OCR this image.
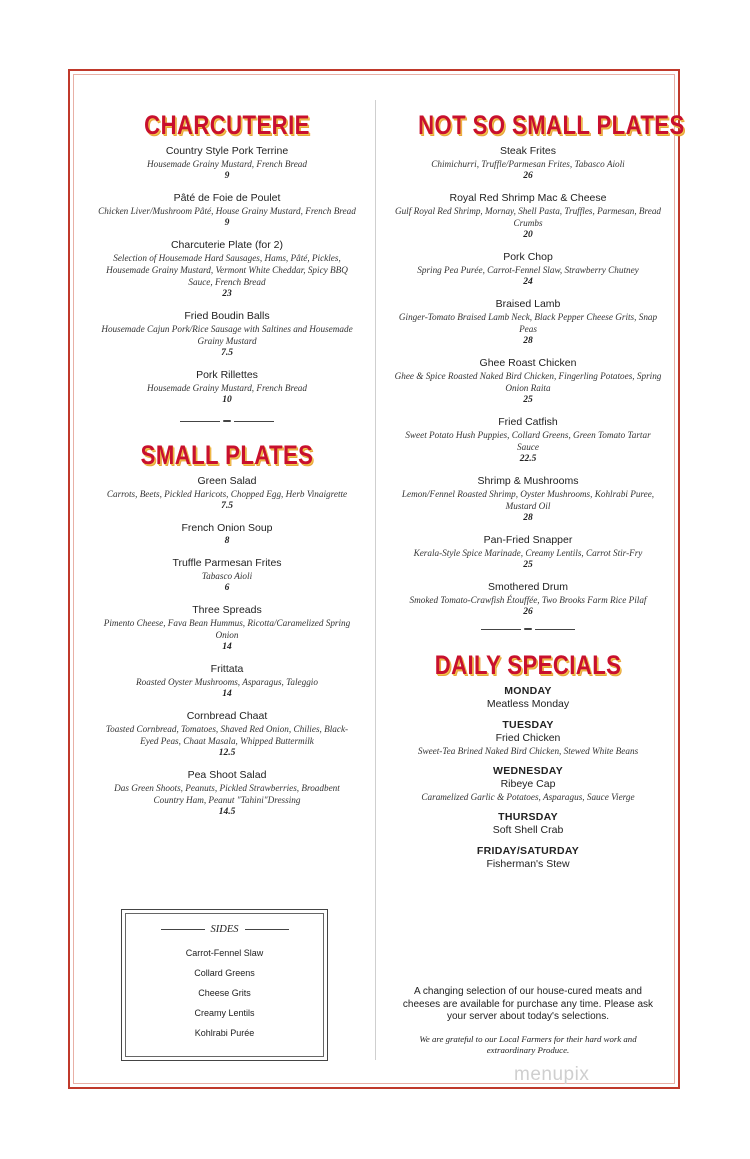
CHARCUTERIE
Country Style Pork Terrine
Housemade Grainy Mustard, French Bread
9
Pâté de Foie de Poulet
Chicken Liver/Mushroom Pâté, House Grainy Mustard, French Bread
9
Charcuterie Plate (for 2)
Selection of Housemade Hard Sausages, Hams, Pâté, Pickles, Housemade Grainy Mustard, Vermont White Cheddar, Spicy BBQ Sauce, French Bread
23
Fried Boudin Balls
Housemade Cajun Pork/Rice Sausage with Saltines and Housemade Grainy Mustard
7.5
Pork Rillettes
Housemade Grainy Mustard, French Bread
10
SMALL PLATES
Green Salad
Carrots, Beets, Pickled Haricots, Chopped Egg, Herb Vinaigrette
7.5
French Onion Soup
8
Truffle Parmesan Frites
Tabasco Aioli
6
Three Spreads
Pimento Cheese, Fava Bean Hummus, Ricotta/Caramelized Spring Onion
14
Frittata
Roasted Oyster Mushrooms, Asparagus, Taleggio
14
Cornbread Chaat
Toasted Cornbread, Tomatoes, Shaved Red Onion, Chilies, Black-Eyed Peas, Chaat Masala, Whipped Buttermilk
12.5
Pea Shoot Salad
Das Green Shoots, Peanuts, Pickled Strawberries, Broadbent Country Ham, Peanut "Tahini"Dressing
14.5
SIDES
Carrot-Fennel Slaw
Collard Greens
Cheese Grits
Creamy Lentils
Kohlrabi Purée
NOT SO SMALL PLATES
Steak Frites
Chimichurri, Truffle/Parmesan Frites, Tabasco Aioli
26
Royal Red Shrimp Mac & Cheese
Gulf Royal Red Shrimp, Mornay, Shell Pasta, Truffles, Parmesan, Bread Crumbs
20
Pork Chop
Spring Pea Purée, Carrot-Fennel Slaw, Strawberry Chutney
24
Braised Lamb
Ginger-Tomato Braised Lamb Neck, Black Pepper Cheese Grits, Snap Peas
28
Ghee Roast Chicken
Ghee & Spice Roasted Naked Bird Chicken, Fingerling Potatoes, Spring Onion Raita
25
Fried Catfish
Sweet Potato Hush Puppies, Collard Greens, Green Tomato Tartar Sauce
22.5
Shrimp & Mushrooms
Lemon/Fennel Roasted Shrimp, Oyster Mushrooms, Kohlrabi Puree, Mustard Oil
28
Pan-Fried Snapper
Kerala-Style Spice Marinade, Creamy Lentils, Carrot Stir-Fry
25
Smothered Drum
Smoked Tomato-Crawfish Étouffée, Two Brooks Farm Rice Pilaf
26
DAILY SPECIALS
MONDAY
Meatless Monday
TUESDAY
Fried Chicken
Sweet-Tea Brined Naked Bird Chicken, Stewed White Beans
WEDNESDAY
Ribeye Cap
Caramelized Garlic & Potatoes, Asparagus, Sauce Vierge
THURSDAY
Soft Shell Crab
FRIDAY/SATURDAY
Fisherman's Stew
A changing selection of our house-cured meats and cheeses are available for purchase any time. Please ask your server about today's selections.
We are grateful to our Local Farmers for their hard work and extraordinary Produce.
menupix
